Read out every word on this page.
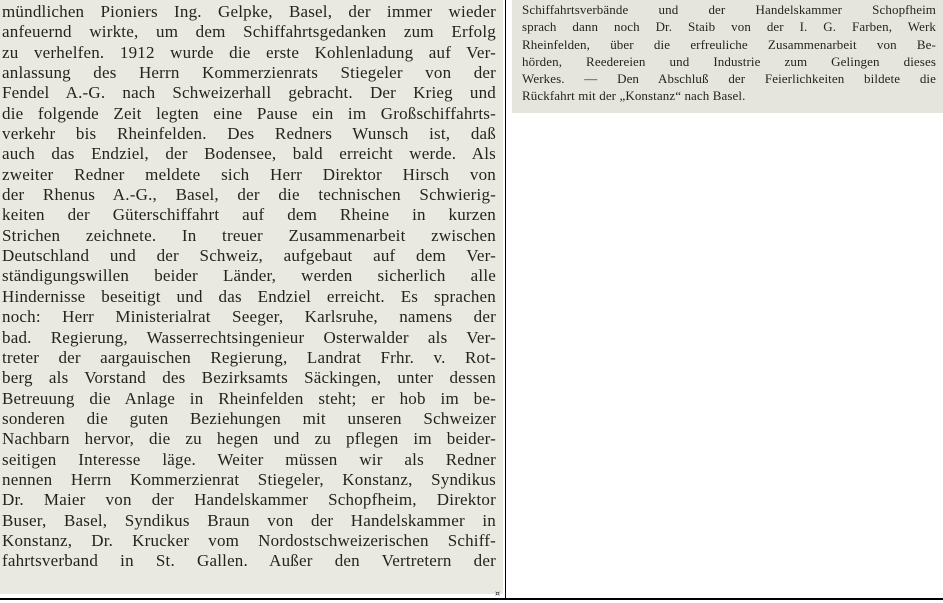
mündlichen Pioniers Ing. Gelpke, Basel, der immer wieder
anfeuernd wirkte, um dem Schiffahrtsgedanken zum Erfolg
zu verhelfen. 1912 wurde die erste Kohlenladung auf Ver-
anlassung des Herrn Kommerzienrats Stiegeler von der
Fendel A.-G. nach Schweizerhall gebracht. Der Krieg und
die folgende Zeit legten eine Pause ein im Großschiffahrts-
verkehr bis Rheinfelden. Des Redners Wunsch ist, daß
auch das Endziel, der Bodensee, bald erreicht werde. Als
zweiter Redner meldete sich Herr Direktor Hirsch von
der Rhenus A.-G., Basel, der die technischen Schwierig-
keiten der Güterschiffahrt auf dem Rheine in kurzen
Strichen zeichnete. In treuer Zusammenarbeit zwischen
Deutschland und der Schweiz, aufgebaut auf dem Ver-
ständigungswillen beider Länder, werden sicherlich alle
Hindernisse beseitigt und das Endziel erreicht. Es sprachen
noch: Herr Ministerialrat Seeger, Karlsruhe, namens der
bad. Regierung, Wasserrechtsingenieur Osterwalder als Ver-
treter der aargauischen Regierung, Landrat Frhr. v. Rot-
berg als Vorstand des Bezirksamts Säckingen, unter dessen
Betreuung die Anlage in Rheinfelden steht; er hob im be-
sonderen die guten Beziehungen mit unseren Schweizer
Nachbarn hervor, die zu hegen und zu pflegen im beider-
seitigen Interesse läge. Weiter müssen wir als Redner
nennen Herrn Kommerzienrat Stiegeler, Konstanz, Syndikus
Dr. Maier von der Handelskammer Schopfheim, Direktor
Buser, Basel, Syndikus Braun von der Handelskammer in
Konstanz, Dr. Krucker vom Nordostschweizerischen Schiff-
fahrtsverband in St. Gallen. Außer den Vertretern der
Schiffahrtsverbände und der Handelskammer Schopfheim
sprach dann noch Dr. Staib von der I. G. Farben, Werk
Rheinfelden, über die erfreuliche Zusammenarbeit von Be-
hörden, Reedereien und Industrie zum Gelingen dieses
Werkes. — Den Abschluß der Feierlichkeiten bildete die
Rückfahrt mit der „Konstanz“ nach Basel.
¤
